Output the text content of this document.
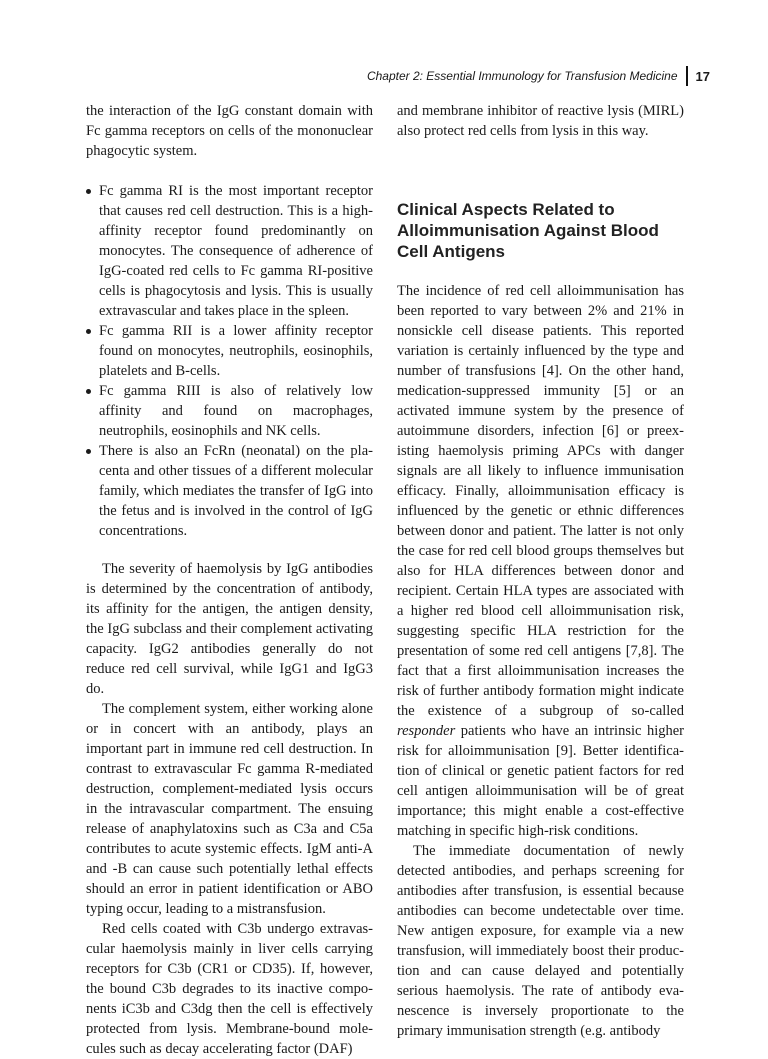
Chapter 2: Essential Immunology for Transfusion Medicine 17

the interaction of the IgG constant domain with Fc gamma receptors on cells of the mononuclear phagocytic system.

Fc gamma RI is the most important receptor that causes red cell destruction. This is a high-affinity receptor found predominantly on monocytes. The consequence of adherence of IgG-coated red cells to Fc gamma RI-positive cells is phagocytosis and lysis. This is usually extravascular and takes place in the spleen.
Fc gamma RII is a lower affinity receptor found on monocytes, neutrophils, eosinophils, platelets and B-cells.
Fc gamma RIII is also of relatively low affinity and found on macrophages, neutrophils, eosinophils and NK cells.
There is also an FcRn (neonatal) on the placenta and other tissues of a different molecular family, which mediates the transfer of IgG into the fetus and is involved in the control of IgG concentrations.

The severity of haemolysis by IgG antibodies is determined by the concentration of antibody, its affinity for the antigen, the antigen density, the IgG subclass and their complement activating capacity. IgG2 antibodies generally do not reduce red cell survival, while IgG1 and IgG3 do.

The complement system, either working alone or in concert with an antibody, plays an important part in immune red cell destruction. In contrast to extravascular Fc gamma R-mediated destruction, complement-mediated lysis occurs in the intravascular compartment. The ensuing release of anaphylatoxins such as C3a and C5a contributes to acute systemic effects. IgM anti-A and -B can cause such potentially lethal effects should an error in patient identification or ABO typing occur, leading to a mistransfusion.

Red cells coated with C3b undergo extravascular haemolysis mainly in liver cells carrying receptors for C3b (CR1 or CD35). If, however, the bound C3b degrades to its inactive components iC3b and C3dg then the cell is effectively protected from lysis. Membrane-bound molecules such as decay accelerating factor (DAF)

and membrane inhibitor of reactive lysis (MIRL) also protect red cells from lysis in this way.

Clinical Aspects Related to Alloimmunisation Against Blood Cell Antigens

The incidence of red cell alloimmunisation has been reported to vary between 2% and 21% in nonsickle cell disease patients. This reported variation is certainly influenced by the type and number of transfusions [4]. On the other hand, medication-suppressed immunity [5] or an activated immune system by the presence of autoimmune disorders, infection [6] or preexisting haemolysis priming APCs with danger signals are all likely to influence immunisation efficacy. Finally, alloimmunisation efficacy is influenced by the genetic or ethnic differences between donor and patient. The latter is not only the case for red cell blood groups themselves but also for HLA differences between donor and recipient. Certain HLA types are associated with a higher red blood cell alloimmunisation risk, suggesting specific HLA restriction for the presentation of some red cell antigens [7,8]. The fact that a first alloimmunisation increases the risk of further antibody formation might indicate the existence of a subgroup of so-called responder patients who have an intrinsic higher risk for alloimmunisation [9]. Better identification of clinical or genetic patient factors for red cell antigen alloimmunisation will be of great importance; this might enable a cost-effective matching in specific high-risk conditions.

The immediate documentation of newly detected antibodies, and perhaps screening for antibodies after transfusion, is essential because antibodies can become undetectable over time. New antigen exposure, for example via a new transfusion, will immediately boost their production and can cause delayed and potentially serious haemolysis. The rate of antibody evanescence is inversely proportionate to the primary immunisation strength (e.g. antibody
